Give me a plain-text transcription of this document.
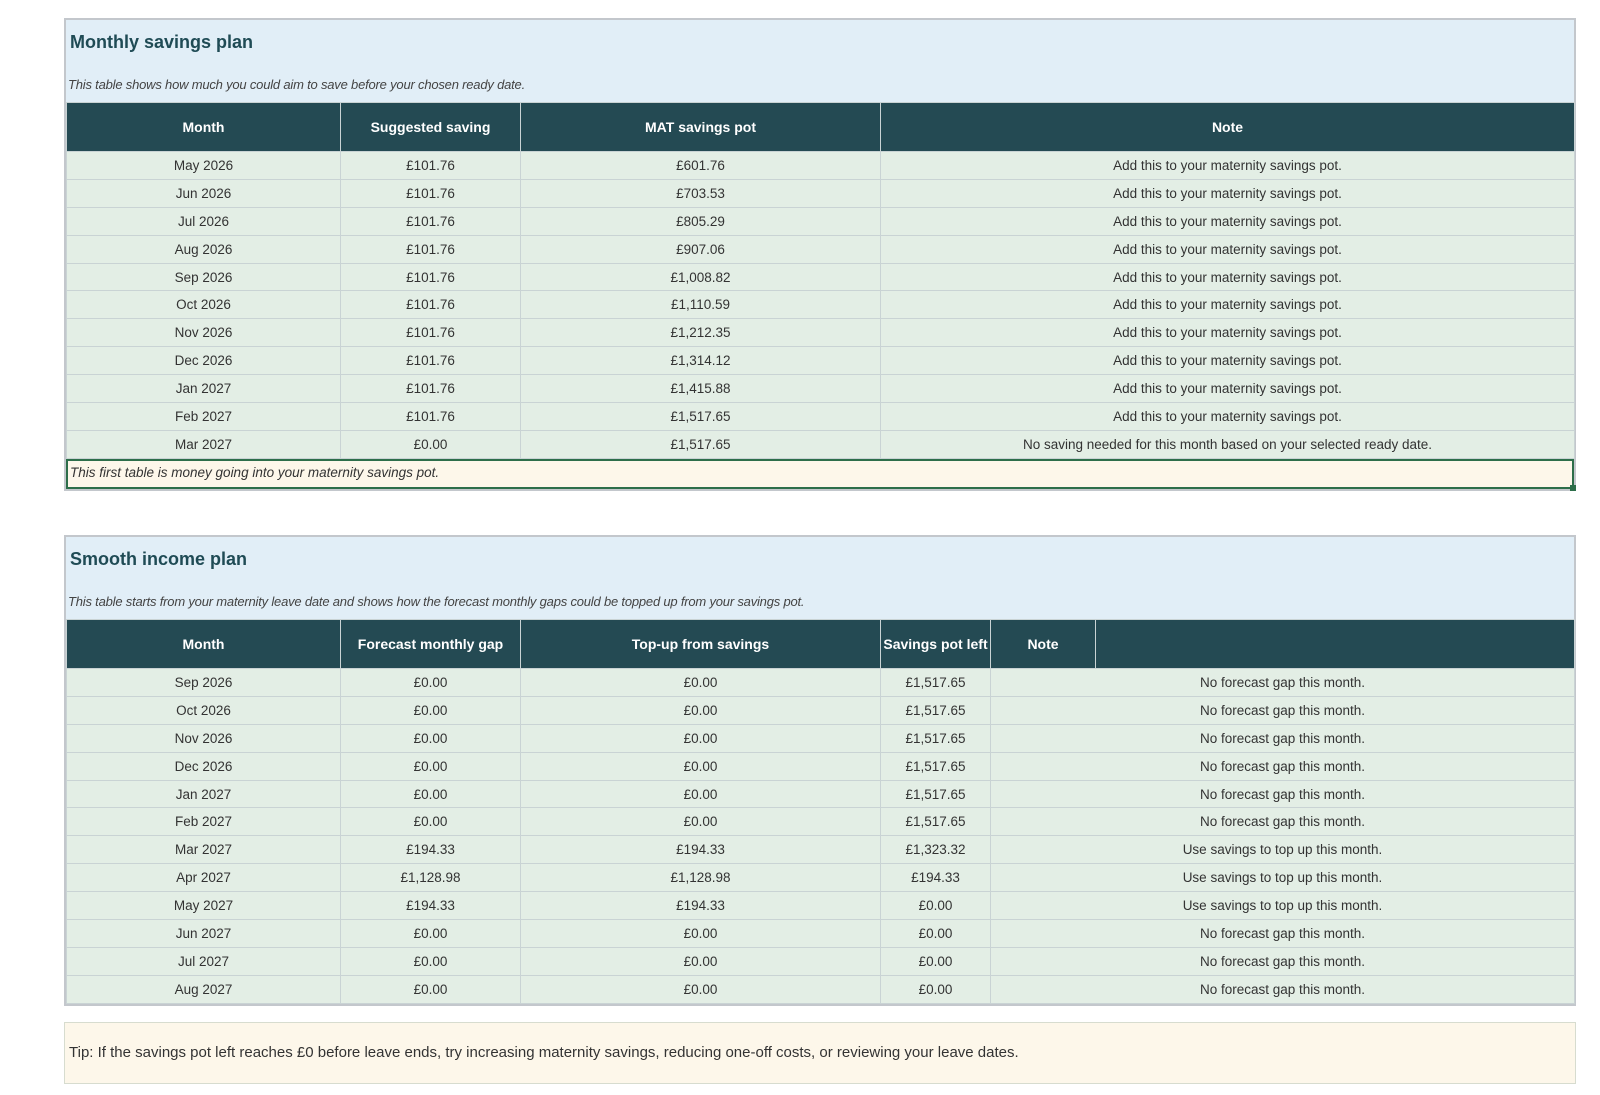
Monthly savings plan
This table shows how much you could aim to save before your chosen ready date.
Month	Suggested saving	MAT savings pot	Note
May 2026	£101.76	£601.76	Add this to your maternity savings pot.
Jun 2026	£101.76	£703.53	Add this to your maternity savings pot.
Jul 2026	£101.76	£805.29	Add this to your maternity savings pot.
Aug 2026	£101.76	£907.06	Add this to your maternity savings pot.
Sep 2026	£101.76	£1,008.82	Add this to your maternity savings pot.
Oct 2026	£101.76	£1,110.59	Add this to your maternity savings pot.
Nov 2026	£101.76	£1,212.35	Add this to your maternity savings pot.
Dec 2026	£101.76	£1,314.12	Add this to your maternity savings pot.
Jan 2027	£101.76	£1,415.88	Add this to your maternity savings pot.
Feb 2027	£101.76	£1,517.65	Add this to your maternity savings pot.
Mar 2027	£0.00	£1,517.65	No saving needed for this month based on your selected ready date.
This first table is money going into your maternity savings pot.
Smooth income plan
This table starts from your maternity leave date and shows how the forecast monthly gaps could be topped up from your savings pot.
Month	Forecast monthly gap	Top-up from savings	Savings pot left	Note	
Sep 2026	£0.00	£0.00	£1,517.65	No forecast gap this month.	
Oct 2026	£0.00	£0.00	£1,517.65	No forecast gap this month.	
Nov 2026	£0.00	£0.00	£1,517.65	No forecast gap this month.	
Dec 2026	£0.00	£0.00	£1,517.65	No forecast gap this month.	
Jan 2027	£0.00	£0.00	£1,517.65	No forecast gap this month.	
Feb 2027	£0.00	£0.00	£1,517.65	No forecast gap this month.	
Mar 2027	£194.33	£194.33	£1,323.32	Use savings to top up this month.	
Apr 2027	£1,128.98	£1,128.98	£194.33	Use savings to top up this month.	
May 2027	£194.33	£194.33	£0.00	Use savings to top up this month.	
Jun 2027	£0.00	£0.00	£0.00	No forecast gap this month.	
Jul 2027	£0.00	£0.00	£0.00	No forecast gap this month.	
Aug 2027	£0.00	£0.00	£0.00	No forecast gap this month.	
Tip: If the savings pot left reaches £0 before leave ends, try increasing maternity savings, reducing one-off costs, or reviewing your leave dates.
